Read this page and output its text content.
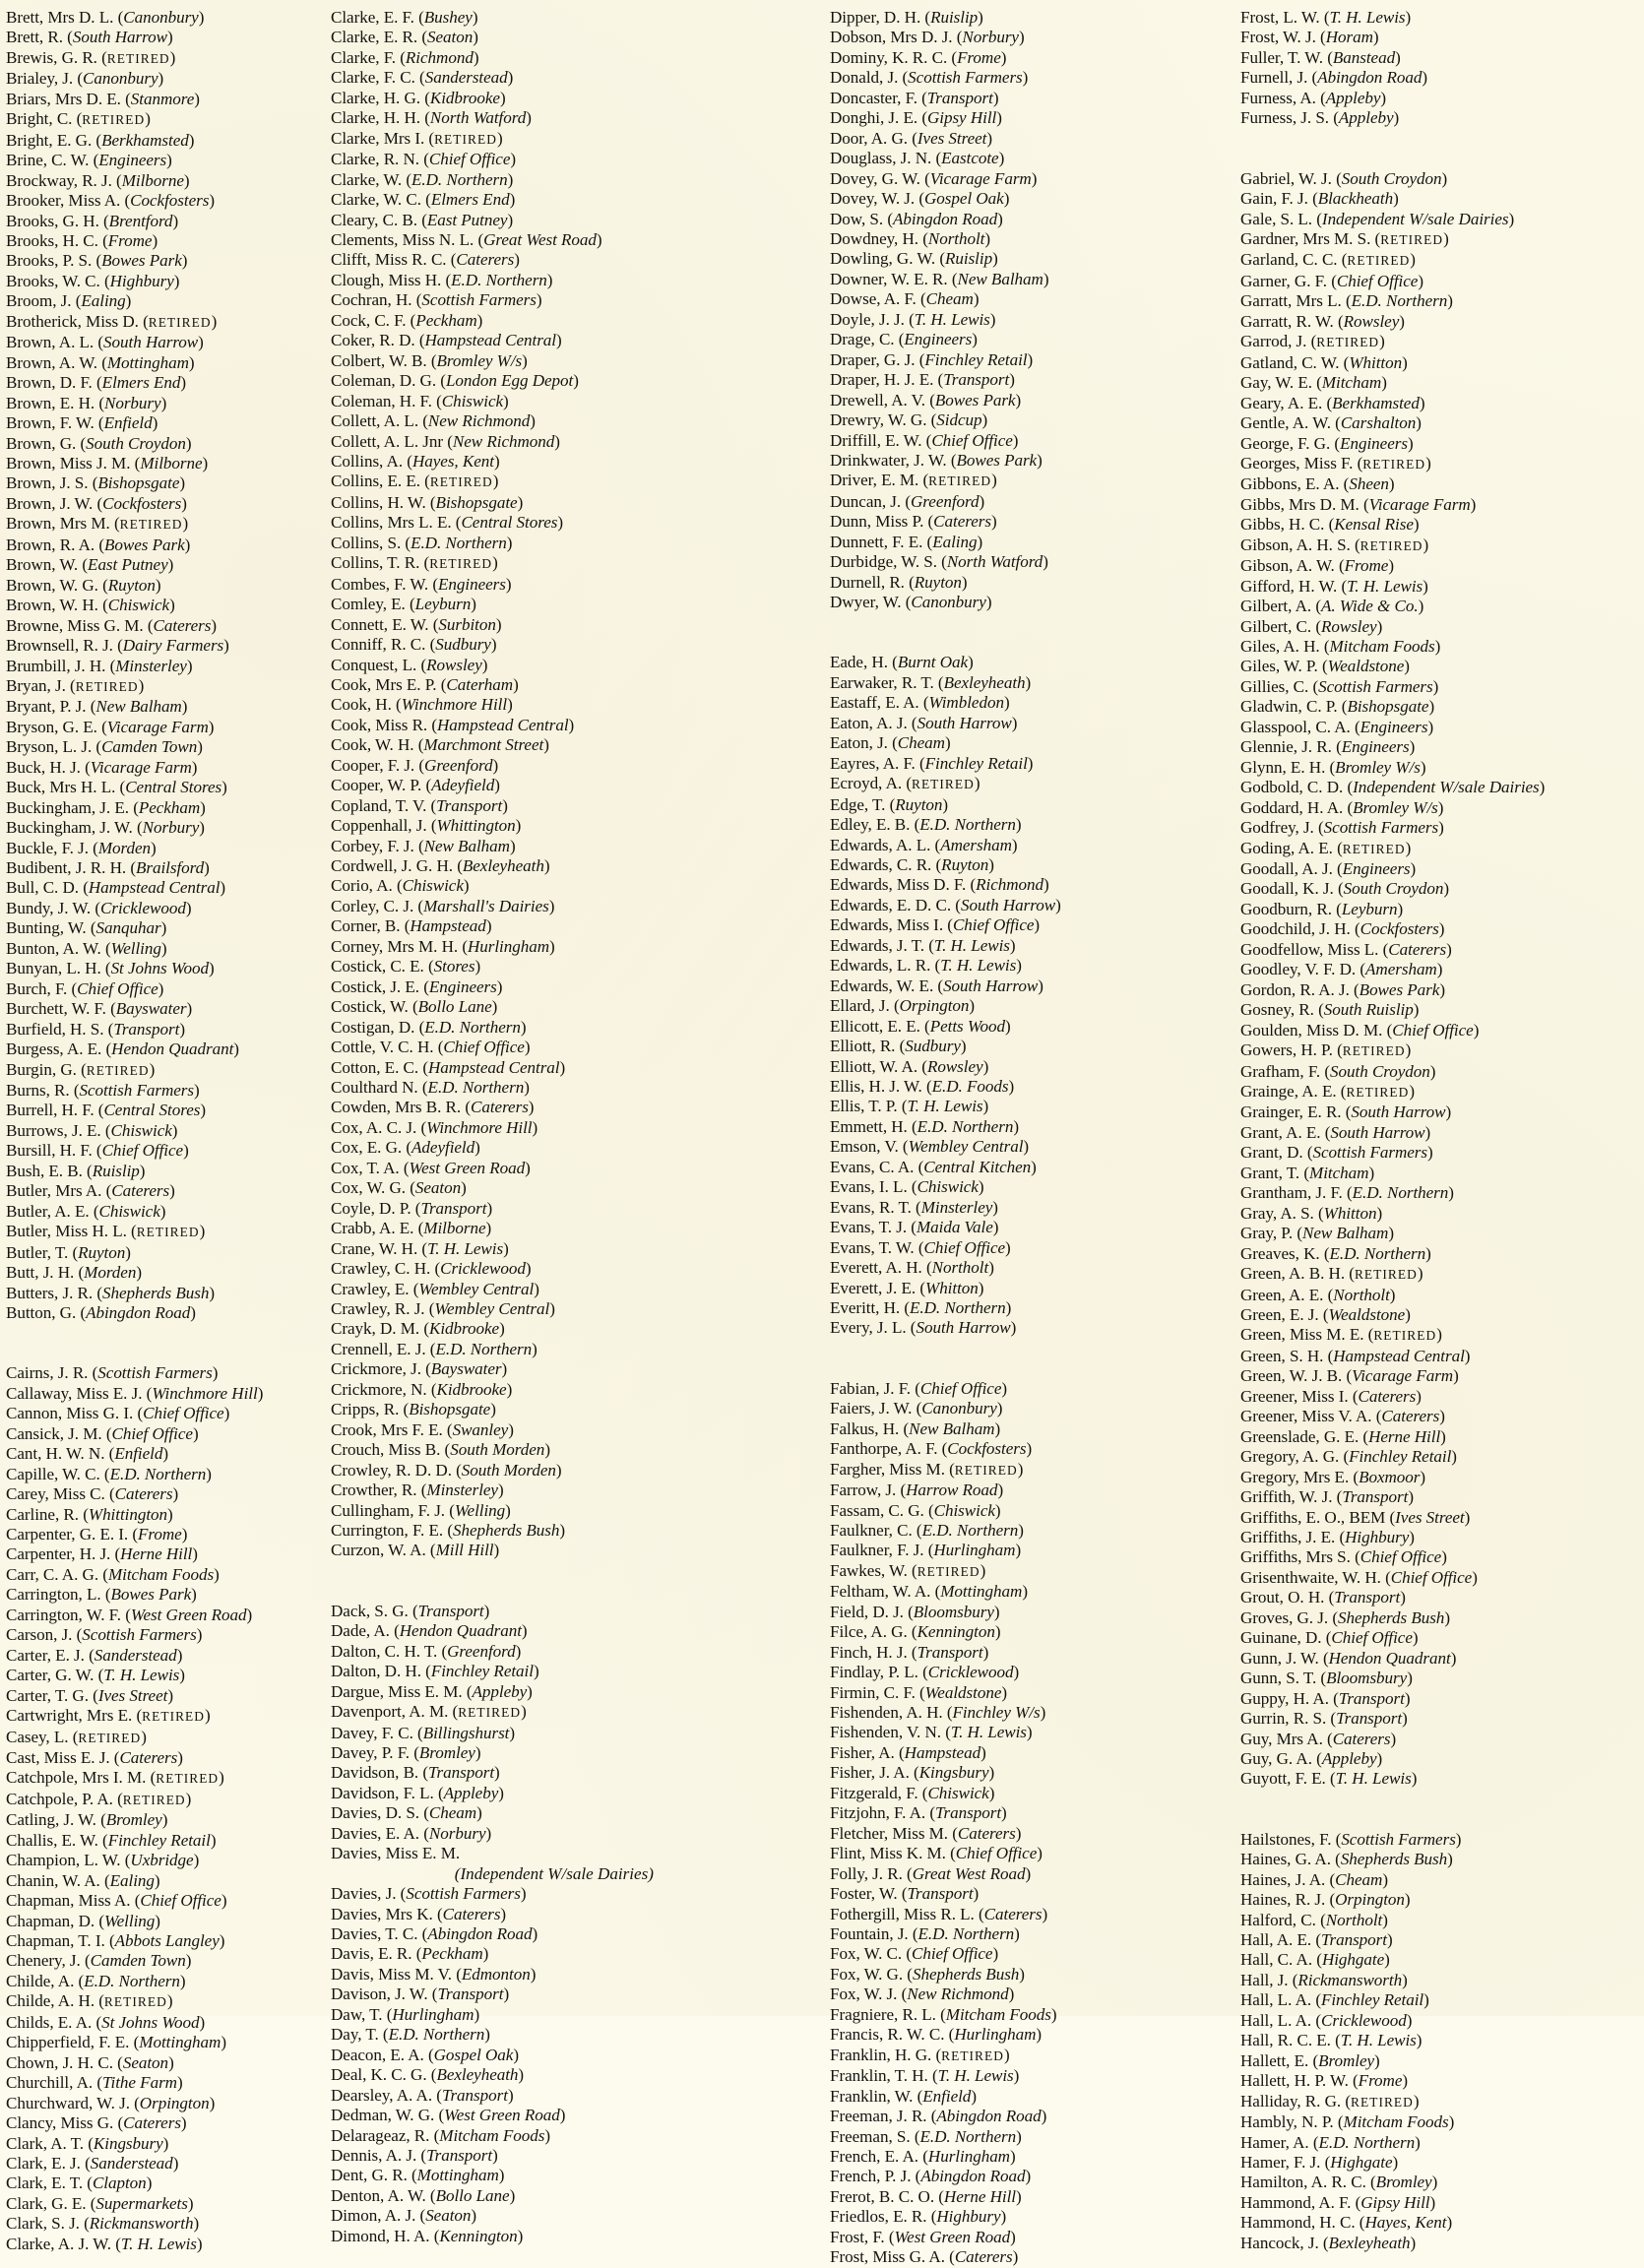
Brett, Mrs D. L. (Canonbury)
Brett, R. (South Harrow)
Brewis, G. R. (RETIRED)
Brialey, J. (Canonbury)
Briars, Mrs D. E. (Stanmore)
Bright, C. (RETIRED)
Bright, E. G. (Berkhamsted)
Brine, C. W. (Engineers)
Brockway, R. J. (Milborne)
Brooker, Miss A. (Cockfosters)
Brooks, G. H. (Brentford)
Brooks, H. C. (Frome)
Brooks, P. S. (Bowes Park)
Brooks, W. C. (Highbury)
Broom, J. (Ealing)
Brotherick, Miss D. (RETIRED)
Brown, A. L. (South Harrow)
Brown, A. W. (Mottingham)
Brown, D. F. (Elmers End)
Brown, E. H. (Norbury)
Brown, F. W. (Enfield)
Brown, G. (South Croydon)
Brown, Miss J. M. (Milborne)
Brown, J. S. (Bishopsgate)
Brown, J. W. (Cockfosters)
Brown, Mrs M. (RETIRED)
Brown, R. A. (Bowes Park)
Brown, W. (East Putney)
Brown, W. G. (Ruyton)
Brown, W. H. (Chiswick)
Browne, Miss G. M. (Caterers)
Brownsell, R. J. (Dairy Farmers)
Brumbill, J. H. (Minsterley)
Bryan, J. (RETIRED)
Bryant, P. J. (New Balham)
Bryson, G. E. (Vicarage Farm)
Bryson, L. J. (Camden Town)
Buck, H. J. (Vicarage Farm)
Buck, Mrs H. L. (Central Stores)
Buckingham, J. E. (Peckham)
Buckingham, J. W. (Norbury)
Buckle, F. J. (Morden)
Budibent, J. R. H. (Brailsford)
Bull, C. D. (Hampstead Central)
Bundy, J. W. (Cricklewood)
Bunting, W. (Sanquhar)
Bunton, A. W. (Welling)
Bunyan, L. H. (St Johns Wood)
Burch, F. (Chief Office)
Burchett, W. F. (Bayswater)
Burfield, H. S. (Transport)
Burgess, A. E. (Hendon Quadrant)
Burgin, G. (RETIRED)
Burns, R. (Scottish Farmers)
Burrell, H. F. (Central Stores)
Burrows, J. E. (Chiswick)
Bursill, H. F. (Chief Office)
Bush, E. B. (Ruislip)
Butler, Mrs A. (Caterers)
Butler, A. E. (Chiswick)
Butler, Miss H. L. (RETIRED)
Butler, T. (Ruyton)
Butt, J. H. (Morden)
Butters, J. R. (Shepherds Bush)
Button, G. (Abingdon Road)
Cairns, J. R. (Scottish Farmers)
Callaway, Miss E. J. (Winchmore Hill)
Cannon, Miss G. I. (Chief Office)
Cansick, J. M. (Chief Office)
Cant, H. W. N. (Enfield)
Capille, W. C. (E.D. Northern)
Carey, Miss C. (Caterers)
Carline, R. (Whittington)
Carpenter, G. E. I. (Frome)
Carpenter, H. J. (Herne Hill)
Carr, C. A. G. (Mitcham Foods)
Carrington, L. (Bowes Park)
Carrington, W. F. (West Green Road)
Carson, J. (Scottish Farmers)
Carter, E. J. (Sanderstead)
Carter, G. W. (T. H. Lewis)
Carter, T. G. (Ives Street)
Cartwright, Mrs E. (RETIRED)
Casey, L. (RETIRED)
Cast, Miss E. J. (Caterers)
Catchpole, Mrs I. M. (RETIRED)
Catchpole, P. A. (RETIRED)
Catling, J. W. (Bromley)
Challis, E. W. (Finchley Retail)
Champion, L. W. (Uxbridge)
Chanin, W. A. (Ealing)
Chapman, Miss A. (Chief Office)
Chapman, D. (Welling)
Chapman, T. I. (Abbots Langley)
Chenery, J. (Camden Town)
Childe, A. (E.D. Northern)
Childe, A. H. (RETIRED)
Childs, E. A. (St Johns Wood)
Chipperfield, F. E. (Mottingham)
Chown, J. H. C. (Seaton)
Churchill, A. (Tithe Farm)
Churchward, W. J. (Orpington)
Clancy, Miss G. (Caterers)
Clark, A. T. (Kingsbury)
Clark, E. J. (Sanderstead)
Clark, E. T. (Clapton)
Clark, G. E. (Supermarkets)
Clark, S. J. (Rickmansworth)
Clarke, A. J. W. (T. H. Lewis)
Clarke, E. F. (Bushey)
Clarke, E. R. (Seaton)
Clarke, F. (Richmond)
Clarke, F. C. (Sanderstead)
Clarke, H. G. (Kidbrooke)
Clarke, H. H. (North Watford)
Clarke, Mrs I. (RETIRED)
Clarke, R. N. (Chief Office)
Clarke, W. (E.D. Northern)
Clarke, W. C. (Elmers End)
Cleary, C. B. (East Putney)
Clements, Miss N. L. (Great West Road)
Clifft, Miss R. C. (Caterers)
Clough, Miss H. (E.D. Northern)
Cochran, H. (Scottish Farmers)
Cock, C. F. (Peckham)
Coker, R. D. (Hampstead Central)
Colbert, W. B. (Bromley W/s)
Coleman, D. G. (London Egg Depot)
Coleman, H. F. (Chiswick)
Collett, A. L. (New Richmond)
Collett, A. L. Jnr (New Richmond)
Collins, A. (Hayes, Kent)
Collins, E. E. (RETIRED)
Collins, H. W. (Bishopsgate)
Collins, Mrs L. E. (Central Stores)
Collins, S. (E.D. Northern)
Collins, T. R. (RETIRED)
Combes, F. W. (Engineers)
Comley, E. (Leyburn)
Connett, E. W. (Surbiton)
Conniff, R. C. (Sudbury)
Conquest, L. (Rowsley)
Cook, Mrs E. P. (Caterham)
Cook, H. (Winchmore Hill)
Cook, Miss R. (Hampstead Central)
Cook, W. H. (Marchmont Street)
Cooper, F. J. (Greenford)
Cooper, W. P. (Adeyfield)
Copland, T. V. (Transport)
Coppenhall, J. (Whittington)
Corbey, F. J. (New Balham)
Cordwell, J. G. H. (Bexleyheath)
Corio, A. (Chiswick)
Corley, C. J. (Marshall's Dairies)
Corner, B. (Hampstead)
Corney, Mrs M. H. (Hurlingham)
Costick, C. E. (Stores)
Costick, J. E. (Engineers)
Costick, W. (Bollo Lane)
Costigan, D. (E.D. Northern)
Cottle, V. C. H. (Chief Office)
Cotton, E. C. (Hampstead Central)
Coulthard N. (E.D. Northern)
Cowden, Mrs B. R. (Caterers)
Cox, A. C. J. (Winchmore Hill)
Cox, E. G. (Adeyfield)
Cox, T. A. (West Green Road)
Cox, W. G. (Seaton)
Coyle, D. P. (Transport)
Crabb, A. E. (Milborne)
Crane, W. H. (T. H. Lewis)
Crawley, C. H. (Cricklewood)
Crawley, E. (Wembley Central)
Crawley, R. J. (Wembley Central)
Crayk, D. M. (Kidbrooke)
Crennell, E. J. (E.D. Northern)
Crickmore, J. (Bayswater)
Crickmore, N. (Kidbrooke)
Cripps, R. (Bishopsgate)
Crook, Mrs F. E. (Swanley)
Crouch, Miss B. (South Morden)
Crowley, R. D. D. (South Morden)
Crowther, R. (Minsterley)
Cullingham, F. J. (Welling)
Currington, F. E. (Shepherds Bush)
Curzon, W. A. (Mill Hill)
Dack, S. G. (Transport)
Dade, A. (Hendon Quadrant)
Dalton, C. H. T. (Greenford)
Dalton, D. H. (Finchley Retail)
Dargue, Miss E. M. (Appleby)
Davenport, A. M. (RETIRED)
Davey, F. C. (Billingshurst)
Davey, P. F. (Bromley)
Davidson, B. (Transport)
Davidson, F. L. (Appleby)
Davies, D. S. (Cheam)
Davies, E. A. (Norbury)
Davies, Miss E. M.
(Independent W/sale Dairies)
Davies, J. (Scottish Farmers)
Davies, Mrs K. (Caterers)
Davies, T. C. (Abingdon Road)
Davis, E. R. (Peckham)
Davis, Miss M. V. (Edmonton)
Davison, J. W. (Transport)
Daw, T. (Hurlingham)
Day, T. (E.D. Northern)
Deacon, E. A. (Gospel Oak)
Deal, K. C. G. (Bexleyheath)
Dearsley, A. A. (Transport)
Dedman, W. G. (West Green Road)
Delarageaz, R. (Mitcham Foods)
Dennis, A. J. (Transport)
Dent, G. R. (Mottingham)
Denton, A. W. (Bollo Lane)
Dimon, A. J. (Seaton)
Dimond, H. A. (Kennington)
Dipper, D. H. (Ruislip)
Dobson, Mrs D. J. (Norbury)
Dominy, K. R. C. (Frome)
Donald, J. (Scottish Farmers)
Doncaster, F. (Transport)
Donghi, J. E. (Gipsy Hill)
Door, A. G. (Ives Street)
Douglass, J. N. (Eastcote)
Dovey, G. W. (Vicarage Farm)
Dovey, W. J. (Gospel Oak)
Dow, S. (Abingdon Road)
Dowdney, H. (Northolt)
Dowling, G. W. (Ruislip)
Downer, W. E. R. (New Balham)
Dowse, A. F. (Cheam)
Doyle, J. J. (T. H. Lewis)
Drage, C. (Engineers)
Draper, G. J. (Finchley Retail)
Draper, H. J. E. (Transport)
Drewell, A. V. (Bowes Park)
Drewry, W. G. (Sidcup)
Driffill, E. W. (Chief Office)
Drinkwater, J. W. (Bowes Park)
Driver, E. M. (RETIRED)
Duncan, J. (Greenford)
Dunn, Miss P. (Caterers)
Dunnett, F. E. (Ealing)
Durbidge, W. S. (North Watford)
Durnell, R. (Ruyton)
Dwyer, W. (Canonbury)
Eade, H. (Burnt Oak)
Earwaker, R. T. (Bexleyheath)
Eastaff, E. A. (Wimbledon)
Eaton, A. J. (South Harrow)
Eaton, J. (Cheam)
Eayres, A. F. (Finchley Retail)
Ecroyd, A. (RETIRED)
Edge, T. (Ruyton)
Edley, E. B. (E.D. Northern)
Edwards, A. L. (Amersham)
Edwards, C. R. (Ruyton)
Edwards, Miss D. F. (Richmond)
Edwards, E. D. C. (South Harrow)
Edwards, Miss I. (Chief Office)
Edwards, J. T. (T. H. Lewis)
Edwards, L. R. (T. H. Lewis)
Edwards, W. E. (South Harrow)
Ellard, J. (Orpington)
Ellicott, E. E. (Petts Wood)
Elliott, R. (Sudbury)
Elliott, W. A. (Rowsley)
Ellis, H. J. W. (E.D. Foods)
Ellis, T. P. (T. H. Lewis)
Emmett, H. (E.D. Northern)
Emson, V. (Wembley Central)
Evans, C. A. (Central Kitchen)
Evans, I. L. (Chiswick)
Evans, R. T. (Minsterley)
Evans, T. J. (Maida Vale)
Evans, T. W. (Chief Office)
Everett, A. H. (Northolt)
Everett, J. E. (Whitton)
Everitt, H. (E.D. Northern)
Every, J. L. (South Harrow)
Fabian, J. F. (Chief Office)
Faiers, J. W. (Canonbury)
Falkus, H. (New Balham)
Fanthorpe, A. F. (Cockfosters)
Fargher, Miss M. (RETIRED)
Farrow, J. (Harrow Road)
Fassam, C. G. (Chiswick)
Faulkner, C. (E.D. Northern)
Faulkner, F. J. (Hurlingham)
Fawkes, W. (RETIRED)
Feltham, W. A. (Mottingham)
Field, D. J. (Bloomsbury)
Filce, A. G. (Kennington)
Finch, H. J. (Transport)
Findlay, P. L. (Cricklewood)
Firmin, C. F. (Wealdstone)
Fishenden, A. H. (Finchley W/s)
Fishenden, V. N. (T. H. Lewis)
Fisher, A. (Hampstead)
Fisher, J. A. (Kingsbury)
Fitzgerald, F. (Chiswick)
Fitzjohn, F. A. (Transport)
Fletcher, Miss M. (Caterers)
Flint, Miss K. M. (Chief Office)
Folly, J. R. (Great West Road)
Foster, W. (Transport)
Fothergill, Miss R. L. (Caterers)
Fountain, J. (E.D. Northern)
Fox, W. C. (Chief Office)
Fox, W. G. (Shepherds Bush)
Fox, W. J. (New Richmond)
Fragniere, R. L. (Mitcham Foods)
Francis, R. W. C. (Hurlingham)
Franklin, H. G. (RETIRED)
Franklin, T. H. (T. H. Lewis)
Franklin, W. (Enfield)
Freeman, J. R. (Abingdon Road)
Freeman, S. (E.D. Northern)
French, E. A. (Hurlingham)
French, P. J. (Abingdon Road)
Frerot, B. C. O. (Herne Hill)
Friedlos, E. R. (Highbury)
Frost, F. (West Green Road)
Frost, Miss G. A. (Caterers)
Frost, L. W. (T. H. Lewis)
Frost, W. J. (Horam)
Fuller, T. W. (Banstead)
Furnell, J. (Abingdon Road)
Furness, A. (Appleby)
Furness, J. S. (Appleby)
Gabriel, W. J. (South Croydon)
Gain, F. J. (Blackheath)
Gale, S. L. (Independent W/sale Dairies)
Gardner, Mrs M. S. (RETIRED)
Garland, C. C. (RETIRED)
Garner, G. F. (Chief Office)
Garratt, Mrs L. (E.D. Northern)
Garratt, R. W. (Rowsley)
Garrod, J. (RETIRED)
Gatland, C. W. (Whitton)
Gay, W. E. (Mitcham)
Geary, A. E. (Berkhamsted)
Gentle, A. W. (Carshalton)
George, F. G. (Engineers)
Georges, Miss F. (RETIRED)
Gibbons, E. A. (Sheen)
Gibbs, Mrs D. M. (Vicarage Farm)
Gibbs, H. C. (Kensal Rise)
Gibson, A. H. S. (RETIRED)
Gibson, A. W. (Frome)
Gifford, H. W. (T. H. Lewis)
Gilbert, A. (A. Wide & Co.)
Gilbert, C. (Rowsley)
Giles, A. H. (Mitcham Foods)
Giles, W. P. (Wealdstone)
Gillies, C. (Scottish Farmers)
Gladwin, C. P. (Bishopsgate)
Glasspool, C. A. (Engineers)
Glennie, J. R. (Engineers)
Glynn, E. H. (Bromley W/s)
Godbold, C. D. (Independent W/sale Dairies)
Goddard, H. A. (Bromley W/s)
Godfrey, J. (Scottish Farmers)
Goding, A. E. (RETIRED)
Goodall, A. J. (Engineers)
Goodall, K. J. (South Croydon)
Goodburn, R. (Leyburn)
Goodchild, J. H. (Cockfosters)
Goodfellow, Miss L. (Caterers)
Goodley, V. F. D. (Amersham)
Gordon, R. A. J. (Bowes Park)
Gosney, R. (South Ruislip)
Goulden, Miss D. M. (Chief Office)
Gowers, H. P. (RETIRED)
Grafham, F. (South Croydon)
Grainge, A. E. (RETIRED)
Grainger, E. R. (South Harrow)
Grant, A. E. (South Harrow)
Grant, D. (Scottish Farmers)
Grant, T. (Mitcham)
Grantham, J. F. (E.D. Northern)
Gray, A. S. (Whitton)
Gray, P. (New Balham)
Greaves, K. (E.D. Northern)
Green, A. B. H. (RETIRED)
Green, A. E. (Northolt)
Green, E. J. (Wealdstone)
Green, Miss M. E. (RETIRED)
Green, S. H. (Hampstead Central)
Green, W. J. B. (Vicarage Farm)
Greener, Miss I. (Caterers)
Greener, Miss V. A. (Caterers)
Greenslade, G. E. (Herne Hill)
Gregory, A. G. (Finchley Retail)
Gregory, Mrs E. (Boxmoor)
Griffith, W. J. (Transport)
Griffiths, E. O., BEM (Ives Street)
Griffiths, J. E. (Highbury)
Griffiths, Mrs S. (Chief Office)
Grisenthwaite, W. H. (Chief Office)
Grout, O. H. (Transport)
Groves, G. J. (Shepherds Bush)
Guinane, D. (Chief Office)
Gunn, J. W. (Hendon Quadrant)
Gunn, S. T. (Bloomsbury)
Guppy, H. A. (Transport)
Gurrin, R. S. (Transport)
Guy, Mrs A. (Caterers)
Guy, G. A. (Appleby)
Guyott, F. E. (T. H. Lewis)
Hailstones, F. (Scottish Farmers)
Haines, G. A. (Shepherds Bush)
Haines, J. A. (Cheam)
Haines, R. J. (Orpington)
Halford, C. (Northolt)
Hall, A. E. (Transport)
Hall, C. A. (Highgate)
Hall, J. (Rickmansworth)
Hall, L. A. (Finchley Retail)
Hall, L. A. (Cricklewood)
Hall, R. C. E. (T. H. Lewis)
Hallett, E. (Bromley)
Hallett, H. P. W. (Frome)
Halliday, R. G. (RETIRED)
Hambly, N. P. (Mitcham Foods)
Hamer, A. (E.D. Northern)
Hamer, F. J. (Highgate)
Hamilton, A. R. C. (Bromley)
Hammond, A. F. (Gipsy Hill)
Hammond, H. C. (Hayes, Kent)
Hancock, J. (Bexleyheath)
